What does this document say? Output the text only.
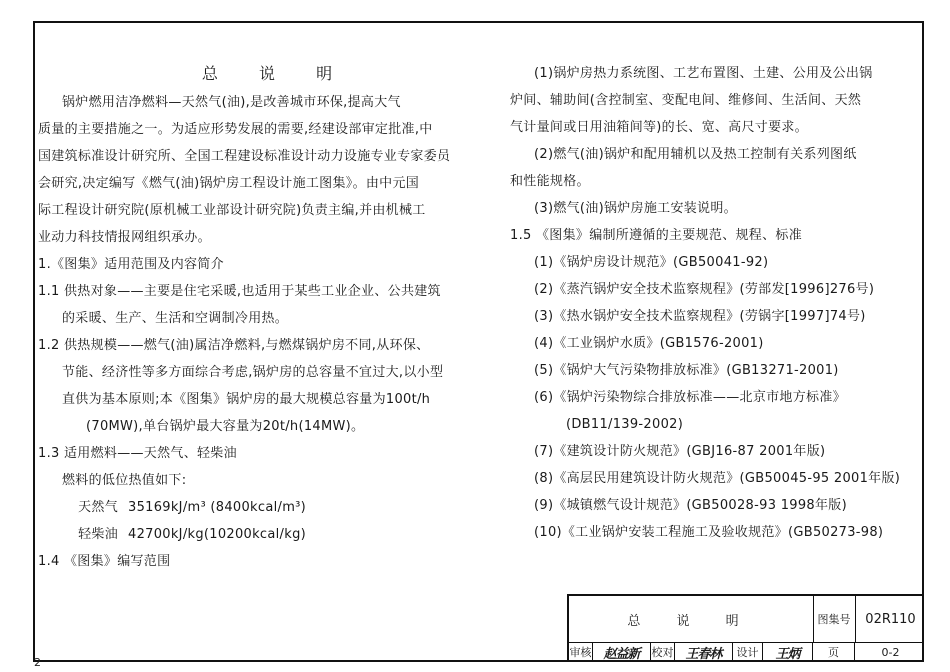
总 说 明

锅炉燃用洁净燃料—天然气(油),是改善城市环保,提高大气

质量的主要措施之一。为适应形势发展的需要,经建设部审定批准,中

国建筑标准设计研究所、全国工程建设标准设计动力设施专业专家委员

会研究,决定编写《燃气(油)锅炉房工程设计施工图集》。由中元国

际工程设计研究院(原机械工业部设计研究院)负责主编,并由机械工

业动力科技情报网组织承办。

1.《图集》适用范围及内容简介

1.1 供热对象——主要是住宅采暖,也适用于某些工业企业、公共建筑

的采暖、生产、生活和空调制冷用热。

1.2 供热规模——燃气(油)属洁净燃料,与燃煤锅炉房不同,从环保、

节能、经济性等多方面综合考虑,锅炉房的总容量不宜过大,以小型

直供为基本原则;本《图集》锅炉房的最大规模总容量为100t/h

(70MW),单台锅炉最大容量为20t/h(14MW)。

1.3 适用燃料——天然气、轻柴油

燃料的低位热值如下:

天然气 35169kJ/m³ (8400kcal/m³)

轻柴油 42700kJ/kg(10200kcal/kg)

1.4 《图集》编写范围

(1)锅炉房热力系统图、工艺布置图、土建、公用及公出锅

炉间、辅助间(含控制室、变配电间、维修间、生活间、天然

气计量间或日用油箱间等)的长、宽、高尺寸要求。

(2)燃气(油)锅炉和配用辅机以及热工控制有关系列图纸

和性能规格。

(3)燃气(油)锅炉房施工安装说明。

1.5 《图集》编制所遵循的主要规范、规程、标准

(1)《锅炉房设计规范》(GB50041-92)

(2)《蒸汽锅炉安全技术监察规程》(劳部发[1996]276号)

(3)《热水锅炉安全技术监察规程》(劳锅字[1997]74号)

(4)《工业锅炉水质》(GB1576-2001)

(5)《锅炉大气污染物排放标准》(GB13271-2001)

(6)《锅炉污染物综合排放标准——北京市地方标准》

(DB11/139-2002)

(7)《建筑设计防火规范》(GBJ16-87 2001年版)

(8)《高层民用建筑设计防火规范》(GB50045-95 2001年版)

(9)《城镇燃气设计规范》(GB50028-93 1998年版)

(10)《工业锅炉安装工程施工及验收规范》(GB50273-98)

总 说 明	图集号	02R110
审核 赵益新	校对 王春林	设计	王炳	页	0-2
2
